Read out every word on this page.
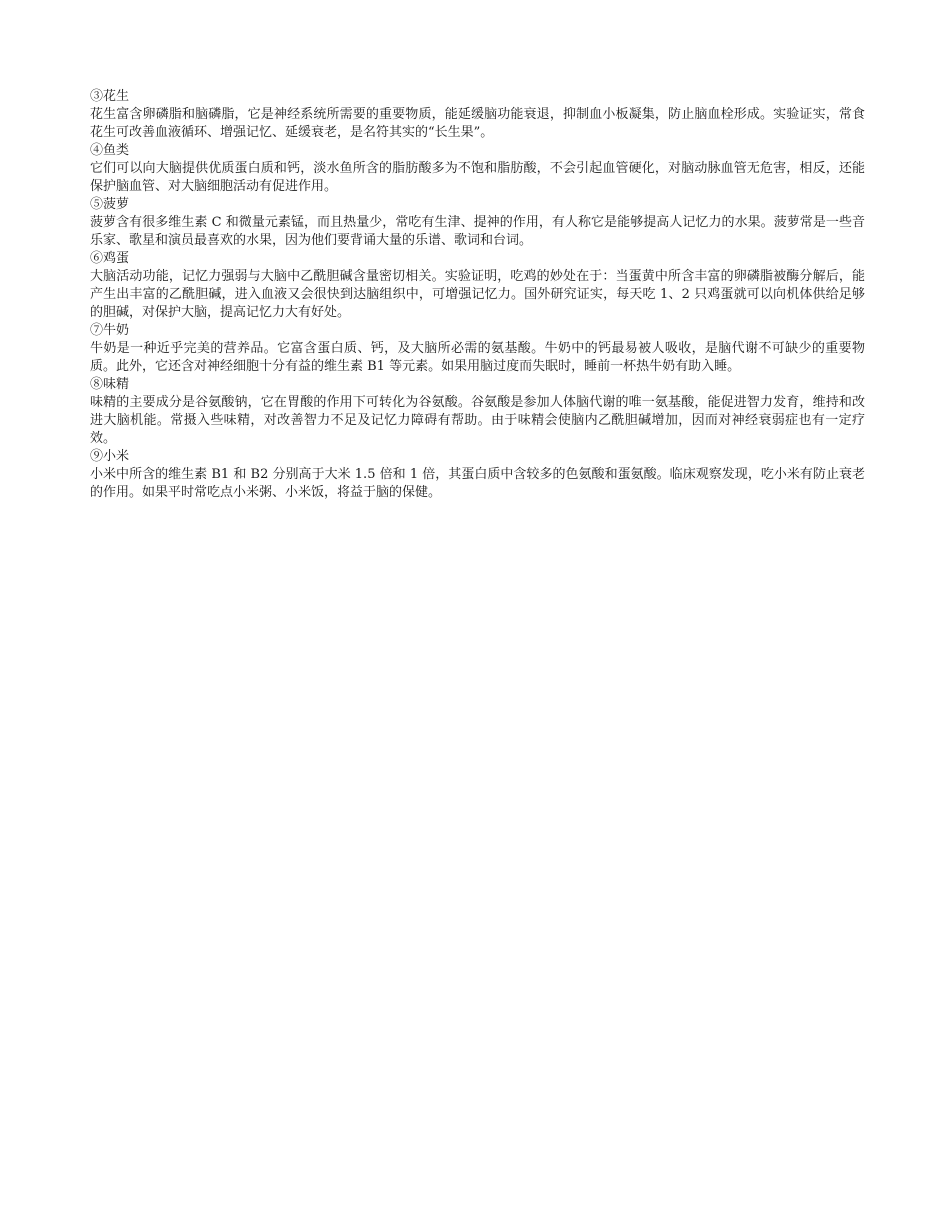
③花生

花生富含卵磷脂和脑磷脂，它是神经系统所需要的重要物质，能延缓脑功能衰退，抑制血小板凝集，防止脑血栓形成。实验证实，常食花生可改善血液循环、增强记忆、延缓衰老，是名符其实的“长生果”。

④鱼类

它们可以向大脑提供优质蛋白质和钙，淡水鱼所含的脂肪酸多为不饱和脂肪酸，不会引起血管硬化，对脑动脉血管无危害，相反，还能保护脑血管、对大脑细胞活动有促进作用。

⑤菠萝

菠萝含有很多维生素 C 和微量元素锰，而且热量少，常吃有生津、提神的作用，有人称它是能够提高人记忆力的水果。菠萝常是一些音乐家、歌星和演员最喜欢的水果，因为他们要背诵大量的乐谱、歌词和台词。

⑥鸡蛋

大脑活动功能，记忆力强弱与大脑中乙酰胆碱含量密切相关。实验证明，吃鸡的妙处在于：当蛋黄中所含丰富的卵磷脂被酶分解后，能产生出丰富的乙酰胆碱，进入血液又会很快到达脑组织中，可增强记忆力。国外研究证实，每天吃 1、2 只鸡蛋就可以向机体供给足够的胆碱，对保护大脑，提高记忆力大有好处。

⑦牛奶

牛奶是一种近乎完美的营养品。它富含蛋白质、钙，及大脑所必需的氨基酸。牛奶中的钙最易被人吸收，是脑代谢不可缺少的重要物质。此外，它还含对神经细胞十分有益的维生素 B1 等元素。如果用脑过度而失眠时，睡前一杯热牛奶有助入睡。

⑧味精

味精的主要成分是谷氨酸钠，它在胃酸的作用下可转化为谷氨酸。谷氨酸是参加人体脑代谢的唯一氨基酸，能促进智力发育，维持和改进大脑机能。常摄入些味精，对改善智力不足及记忆力障碍有帮助。由于味精会使脑内乙酰胆碱增加，因而对神经衰弱症也有一定疗效。

⑨小米

小米中所含的维生素 B1 和 B2 分别高于大米 1.5 倍和 1 倍，其蛋白质中含较多的色氨酸和蛋氨酸。临床观察发现，吃小米有防止衰老的作用。如果平时常吃点小米粥、小米饭，将益于脑的保健。
